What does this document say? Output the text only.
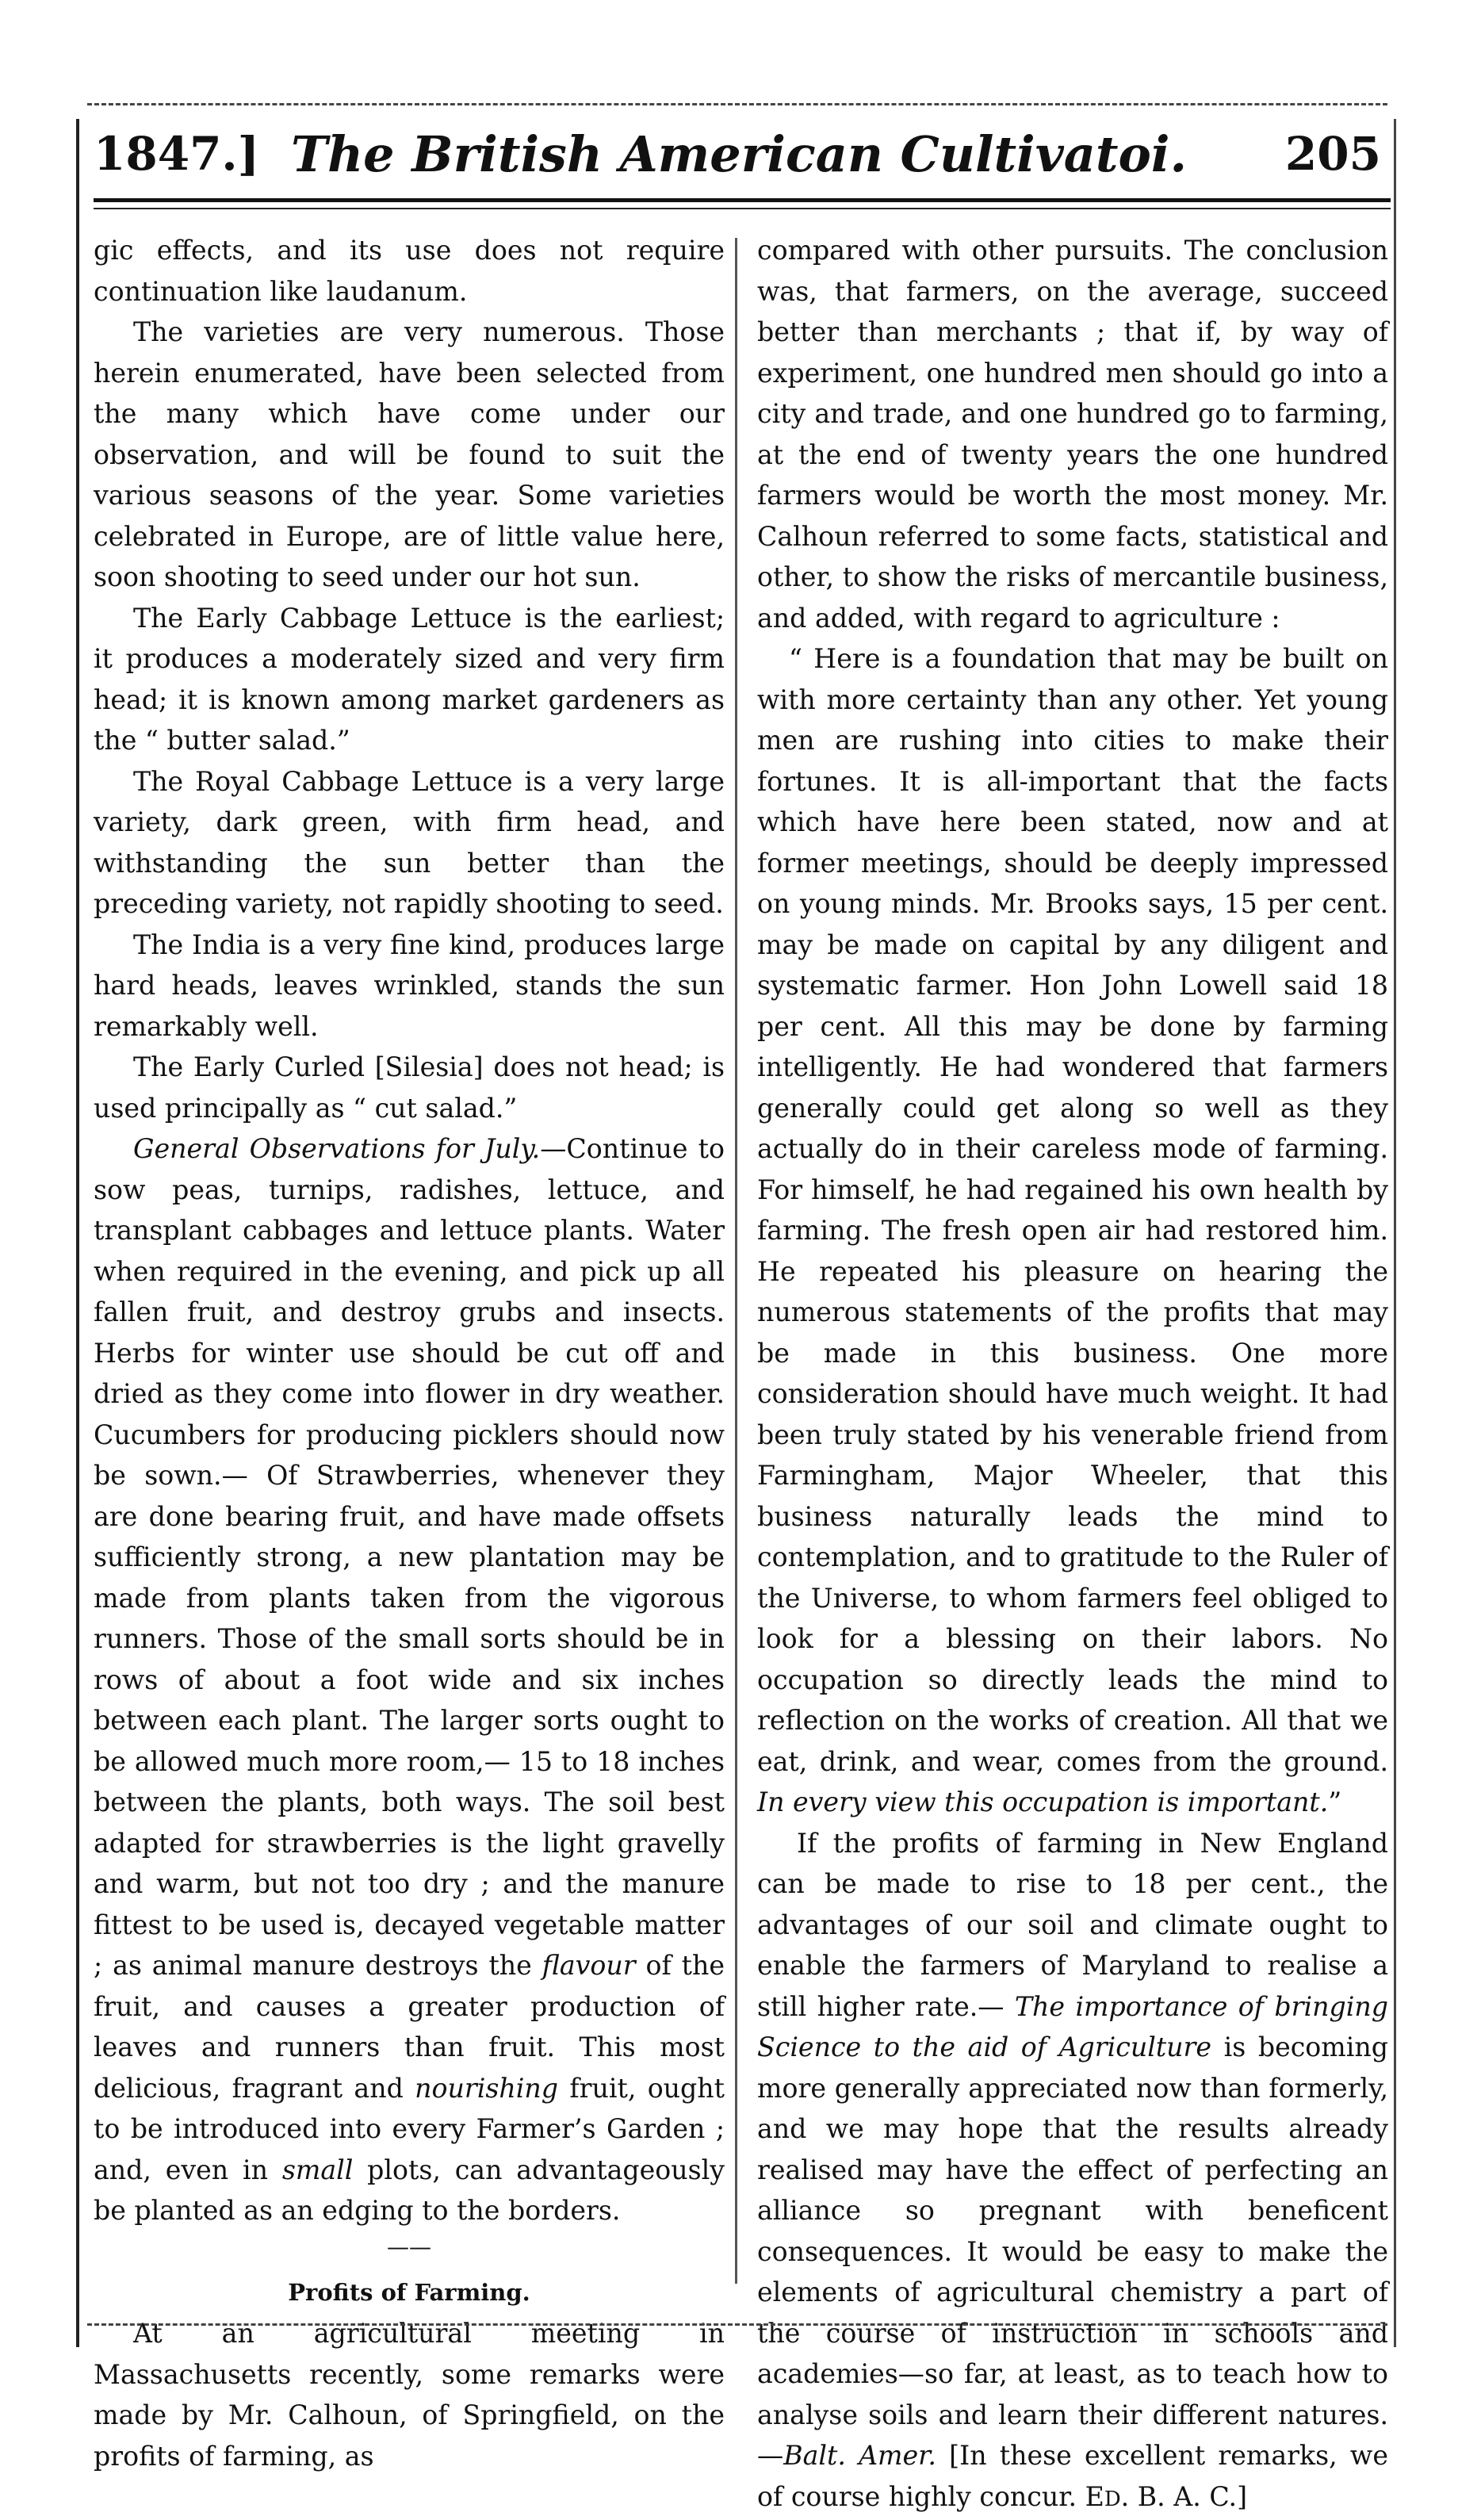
1847.] The British American Cultivatoi.	205

gic effects, and its use does not require continuation like laudanum.

The varieties are very numerous. Those herein enumerated, have been selected from the many which have come under our observation, and will be found to suit the various seasons of the year. Some varieties celebrated in Europe, are of little value here, soon shooting to seed under our hot sun.

The Early Cabbage Lettuce is the earliest; it produces a moderately sized and very firm head; it is known among market gardeners as the “ butter salad.”

The Royal Cabbage Lettuce is a very large variety, dark green, with firm head, and withstanding the sun better than the preceding variety, not rapidly shooting to seed.

The India is a very fine kind, produces large hard heads, leaves wrinkled, stands the sun remarkably well.

The Early Curled [Silesia] does not head; is used principally as “ cut salad.”

General Observations for July.—Continue to sow peas, turnips, radishes, lettuce, and transplant cabbages and lettuce plants. Water when required in the evening, and pick up all fallen fruit, and destroy grubs and insects. Herbs for winter use should be cut off and dried as they come into flower in dry weather. Cucumbers for producing picklers should now be sown.— Of Strawberries, whenever they are done bearing fruit, and have made offsets sufficiently strong, a new plantation may be made from plants taken from the vigorous runners. Those of the small sorts should be in rows of about a foot wide and six inches between each plant. The larger sorts ought to be allowed much more room,— 15 to 18 inches between the plants, both ways. The soil best adapted for strawberries is the light gravelly and warm, but not too dry ; and the manure fittest to be used is, decayed vegetable matter ; as animal manure destroys the flavour of the fruit, and causes a greater production of leaves and runners than fruit. This most delicious, fragrant and nourishing fruit, ought to be introduced into every Farmer’s Garden ; and, even in small plots, can advantageously be planted as an edging to the borders.

——

Profits of Farming.

At an agricultural meeting in Massachusetts recently, some remarks were made by Mr. Calhoun, of Springfield, on the profits of farming, as

compared with other pursuits. The conclusion was, that farmers, on the average, succeed better than merchants ; that if, by way of experiment, one hundred men should go into a city and trade, and one hundred go to farming, at the end of twenty years the one hundred farmers would be worth the most money. Mr. Calhoun referred to some facts, statistical and other, to show the risks of mercantile business, and added, with regard to agriculture :

“ Here is a foundation that may be built on with more certainty than any other. Yet young men are rushing into cities to make their fortunes. It is all-important that the facts which have here been stated, now and at former meetings, should be deeply impressed on young minds. Mr. Brooks says, 15 per cent. may be made on capital by any diligent and systematic farmer. Hon John Lowell said 18 per cent. All this may be done by farming intelligently. He had wondered that farmers generally could get along so well as they actually do in their careless mode of farming. For himself, he had regained his own health by farming. The fresh open air had restored him. He repeated his pleasure on hearing the numerous statements of the profits that may be made in this business. One more consideration should have much weight. It had been truly stated by his venerable friend from Farmingham, Major Wheeler, that this business naturally leads the mind to contemplation, and to gratitude to the Ruler of the Universe, to whom farmers feel obliged to look for a blessing on their labors. No occupation so directly leads the mind to reflection on the works of creation. All that we eat, drink, and wear, comes from the ground. In every view this occupation is important.”

If the profits of farming in New England can be made to rise to 18 per cent., the advantages of our soil and climate ought to enable the farmers of Maryland to realise a still higher rate.— The importance of bringing Science to the aid of Agriculture is becoming more generally appreciated now than formerly, and we may hope that the results already realised may have the effect of perfecting an alliance so pregnant with beneficent consequences. It would be easy to make the elements of agricultural chemistry a part of the course of instruction in schools and academies—so far, at least, as to teach how to analyse soils and learn their different natures.—Balt. Amer. [In these excellent remarks, we of course highly concur. ED. B. A. C.]
